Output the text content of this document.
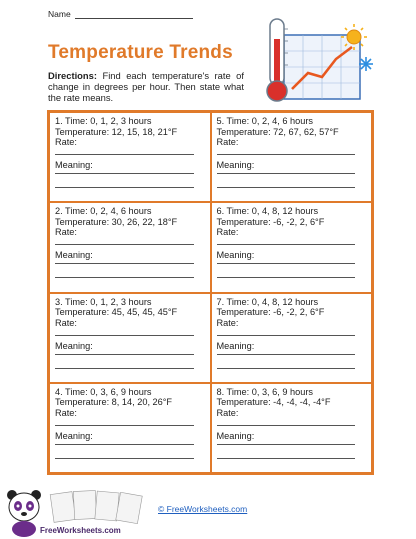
Name
Temperature Trends
Directions: Find each temperature's rate of change in degrees per hour. Then state what the rate means.
1. Time: 0, 1, 2, 3 hours
Temperature: 12, 15, 18, 21°F
Rate:
Meaning:
5. Time: 0, 2, 4, 6 hours
Temperature: 72, 67, 62, 57°F
Rate:
Meaning:
2. Time: 0, 2, 4, 6 hours
Temperature: 30, 26, 22, 18°F
Rate:
Meaning:
6. Time: 0, 4, 8, 12 hours
Temperature: -6, -2, 2, 6°F
Rate:
Meaning:
3. Time: 0, 1, 2, 3 hours
Temperature: 45, 45, 45, 45°F
Rate:
Meaning:
7. Time: 0, 4, 8, 12 hours
Temperature: -6, -2, 2, 6°F
Rate:
Meaning:
4. Time: 0, 3, 6, 9 hours
Temperature: 8, 14, 20, 26°F
Rate:
Meaning:
8. Time: 0, 3, 6, 9 hours
Temperature: -4, -4, -4, -4°F
Rate:
Meaning:
FreeWorksheets.com
© FreeWorksheets.com
